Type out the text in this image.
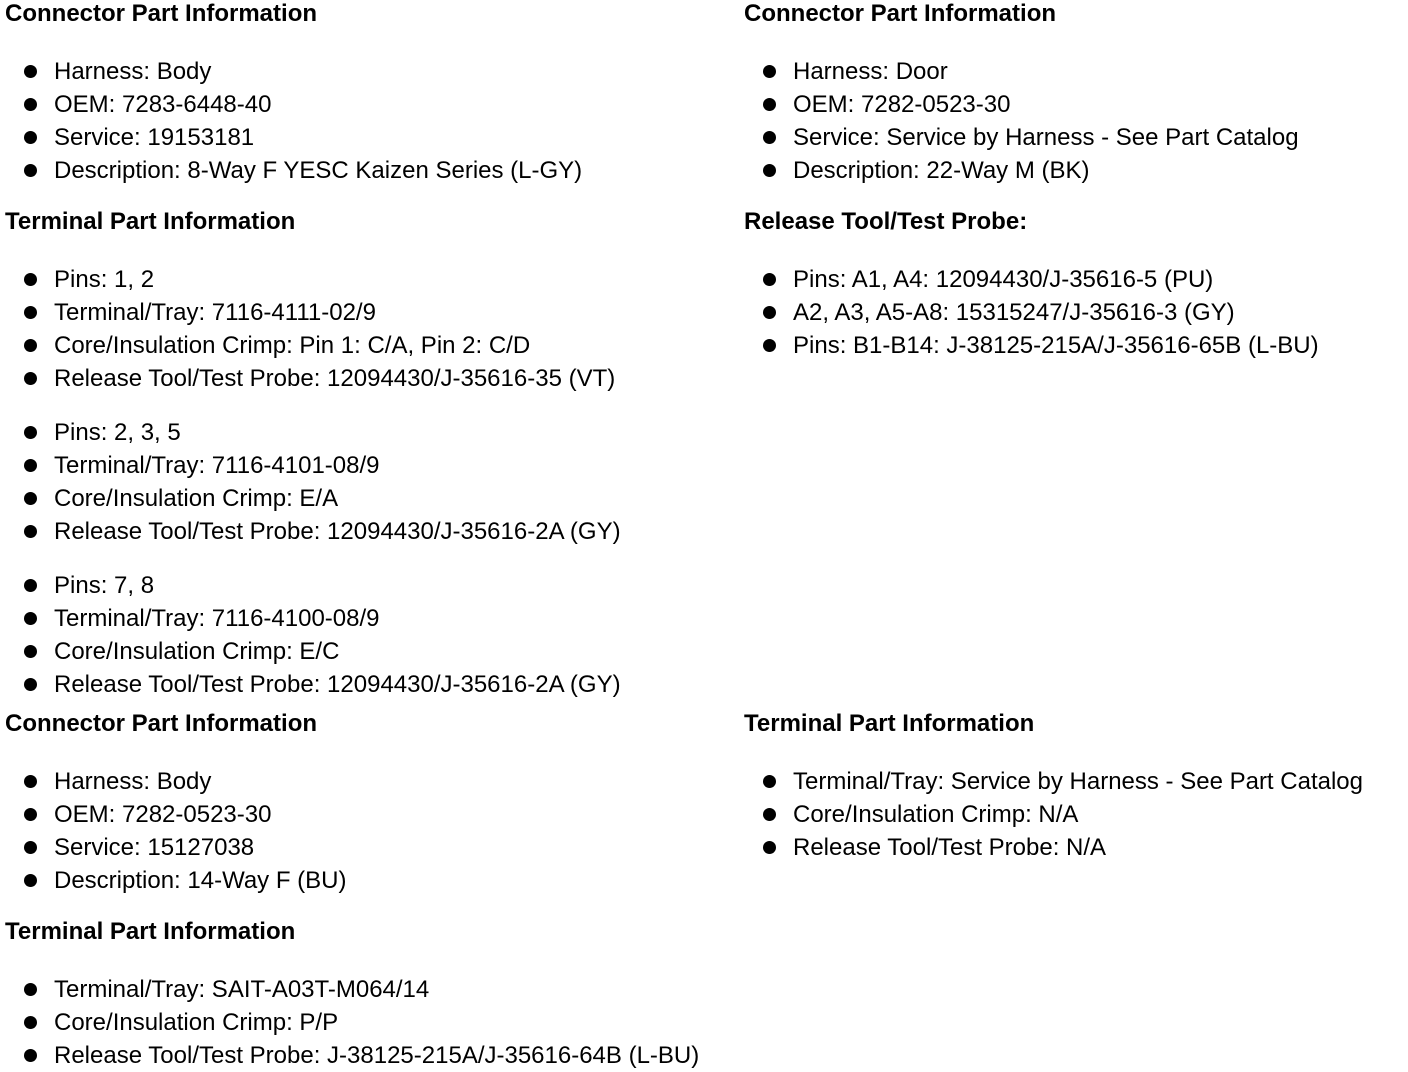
Connector Part Information
Harness: Body
OEM: 7283-6448-40
Service: 19153181
Description: 8-Way F YESC Kaizen Series (L-GY)
Terminal Part Information
Pins: 1, 2
Terminal/Tray: 7116-4111-02/9
Core/Insulation Crimp: Pin 1: C/A, Pin 2: C/D
Release Tool/Test Probe: 12094430/J-35616-35 (VT)
Pins: 2, 3, 5
Terminal/Tray: 7116-4101-08/9
Core/Insulation Crimp: E/A
Release Tool/Test Probe: 12094430/J-35616-2A (GY)
Pins: 7, 8
Terminal/Tray: 7116-4100-08/9
Core/Insulation Crimp: E/C
Release Tool/Test Probe: 12094430/J-35616-2A (GY)
Connector Part Information
Harness: Door
OEM: 7282-0523-30
Service: Service by Harness - See Part Catalog
Description: 22-Way M (BK)
Release Tool/Test Probe:
Pins: A1, A4: 12094430/J-35616-5 (PU)
A2, A3, A5-A8: 15315247/J-35616-3 (GY)
Pins: B1-B14: J-38125-215A/J-35616-65B (L-BU)
Connector Part Information
Harness: Body
OEM: 7282-0523-30
Service: 15127038
Description: 14-Way F (BU)
Terminal Part Information
Terminal/Tray: SAIT-A03T-M064/14
Core/Insulation Crimp: P/P
Release Tool/Test Probe: J-38125-215A/J-35616-64B (L-BU)
Terminal Part Information
Terminal/Tray: Service by Harness - See Part Catalog
Core/Insulation Crimp: N/A
Release Tool/Test Probe: N/A
